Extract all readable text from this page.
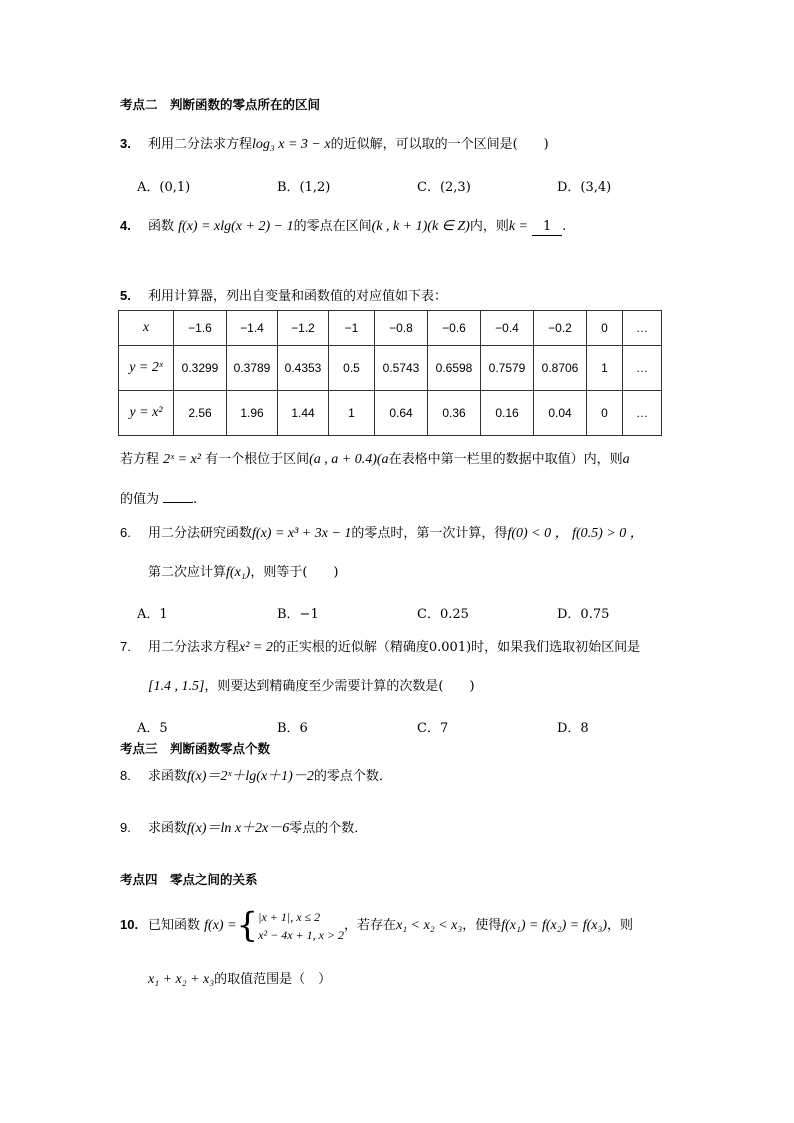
考点二　判断函数的零点所在的区间
3. 利用二分法求方程log₃ x = 3 − x的近似解，可以取的一个区间是(　　)
A．(0,1)	B．(1,2)	C．(2,3)	D．(3,4)
4. 函数 f(x) = xlg(x + 2) − 1的零点在区间(k , k + 1)(k ∈ Z)内，则k = 1 .
5. 利用计算器，列出自变量和函数值的对应值如下表：
x	−1.6	−1.4	−1.2	−1	−0.8	−0.6	−0.4	−0.2	0	…
y = 2ˣ	0.3299	0.3789	0.4353	0.5	0.5743	0.6598	0.7579	0.8706	1	…
y = x²	2.56	1.96	1.44	1	0.64	0.36	0.16	0.04	0	…
若方程 2ˣ = x² 有一个根位于区间(a , a + 0.4)(a在表格中第一栏里的数据中取值）内，则a
的值为	.
6. 用二分法研究函数f(x) = x³ + 3x − 1的零点时，第一次计算，得f(0) < 0 ， f(0.5) > 0 ，
第二次应计算f(x₁)，则等于(　　)
A．1	B．−1	C．0.25	D．0.75
7. 用二分法求方程x² = 2的正实根的近似解（精确度0.001)时，如果我们选取初始区间是
[1.4 , 1.5]，则要达到精确度至少需要计算的次数是(　　)
A．5	B．6	C．7	D．8
考点三　判断函数零点个数
8. 求函数f(x)＝2ˣ＋lg(x＋1)－2的零点个数．
9. 求函数f(x)＝ln x＋2x－6零点的个数．
考点四　零点之间的关系
10. 已知函数 f(x) ={ |x + 1|, x ≤ 2
x² − 4x + 1, x > 2
，若存在x₁ < x₂ < x₃，使得f(x₁) = f(x₂) = f(x₃)，则
x₁ + x₂ + x₃的取值范围是（　）
